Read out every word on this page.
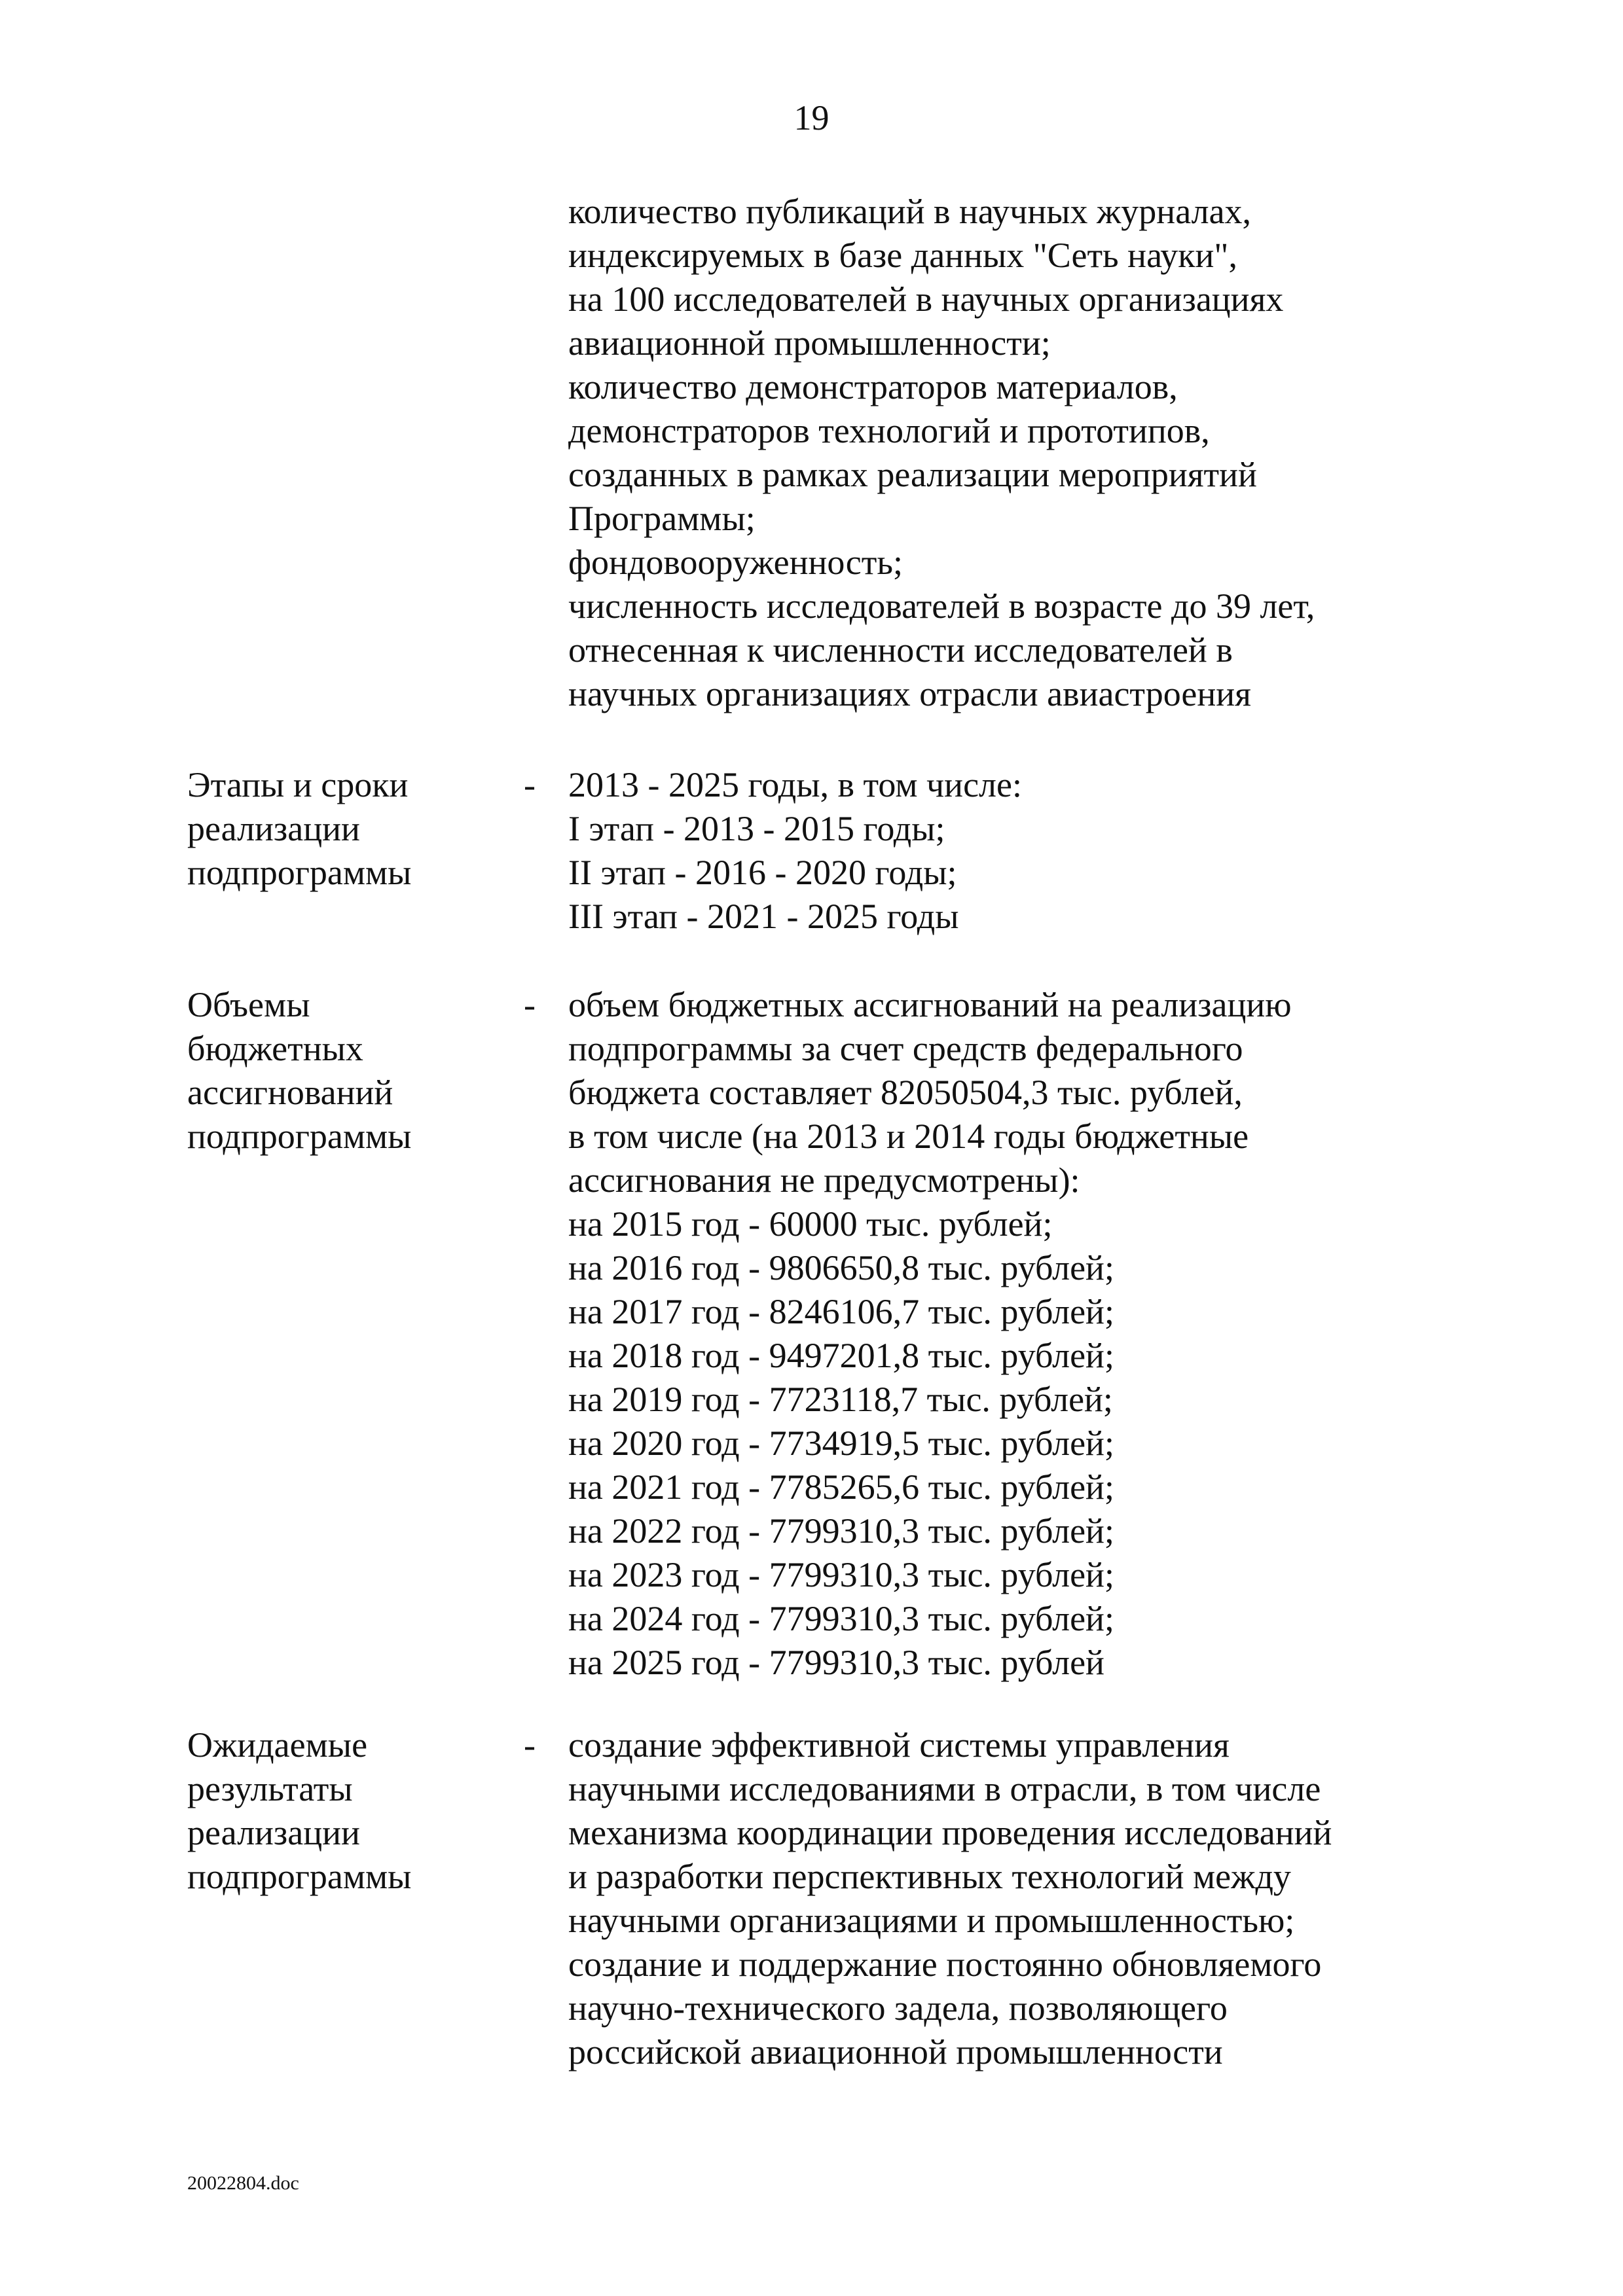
19
количество публикаций в научных журналах,
индексируемых в базе данных "Сеть науки",
на 100 исследователей в научных организациях
авиационной промышленности;
количество демонстраторов материалов,
демонстраторов технологий и прототипов,
созданных в рамках реализации мероприятий
Программы;
фондовооруженность;
численность исследователей в возрасте до 39 лет,
отнесенная к численности исследователей в
научных организациях отрасли авиастроения
Этапы и сроки
реализации
подпрограммы
- 2013 - 2025 годы, в том числе:
I этап - 2013 - 2015 годы;
II этап - 2016 - 2020 годы;
III этап - 2021 - 2025 годы
Объемы
бюджетных
ассигнований
подпрограммы
- объем бюджетных ассигнований на реализацию
подпрограммы за счет средств федерального
бюджета составляет 82050504,3 тыс. рублей,
в том числе (на 2013 и 2014 годы бюджетные
ассигнования не предусмотрены):
на 2015 год - 60000 тыс. рублей;
на 2016 год - 9806650,8 тыс. рублей;
на 2017 год - 8246106,7 тыс. рублей;
на 2018 год - 9497201,8 тыс. рублей;
на 2019 год - 7723118,7 тыс. рублей;
на 2020 год - 7734919,5 тыс. рублей;
на 2021 год - 7785265,6 тыс. рублей;
на 2022 год - 7799310,3 тыс. рублей;
на 2023 год - 7799310,3 тыс. рублей;
на 2024 год - 7799310,3 тыс. рублей;
на 2025 год - 7799310,3 тыс. рублей
Ожидаемые
результаты
реализации
подпрограммы
- создание эффективной системы управления
научными исследованиями в отрасли, в том числе
механизма координации проведения исследований
и разработки перспективных технологий между
научными организациями и промышленностью;
создание и поддержание постоянно обновляемого
научно-технического задела, позволяющего
российской авиационной промышленности
20022804.doc
